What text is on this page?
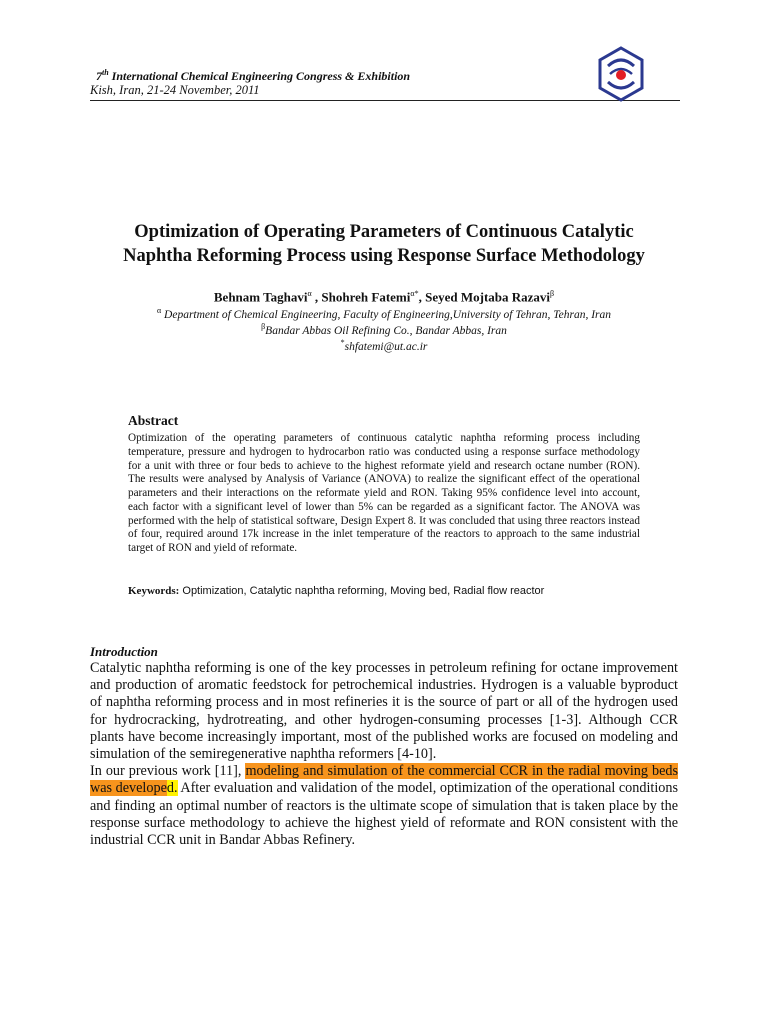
7th International Chemical Engineering Congress & Exhibition
Kish, Iran, 21-24 November, 2011
Optimization of Operating Parameters of Continuous Catalytic
Naphtha Reforming Process using Response Surface Methodology
Behnam Taghavi$^\alpha$ , Shohreh Fatemi$^{\alpha*}$, Seyed Mojtaba Razavi$^\beta$
$^\alpha$ Department of Chemical Engineering, Faculty of Engineering,University of Tehran, Tehran, Iran
$^\beta$Bandar Abbas Oil Refining Co., Bandar Abbas, Iran
*shfatemi@ut.ac.ir
Abstract
Optimization of the operating parameters of continuous catalytic naphtha reforming process including temperature, pressure and hydrogen to hydrocarbon ratio was conducted using a response surface methodology for a unit with three or four beds to achieve to the highest reformate yield and research octane number (RON). The results were analysed by Analysis of Variance (ANOVA) to realize the significant effect of the operational parameters and their interactions on the reformate yield and RON. Taking 95% confidence level into account, each factor with a significant level of lower than 5% can be regarded as a significant factor. The ANOVA was performed with the help of statistical software, Design Expert 8. It was concluded that using three reactors instead of four, required around 17k increase in the inlet temperature of the reactors to approach to the same industrial target of RON and yield of reformate.
Keywords: Optimization, Catalytic naphtha reforming, Moving bed, Radial flow reactor
Introduction

Catalytic naphtha reforming is one of the key processes in petroleum refining for octane improvement and production of aromatic feedstock for petrochemical industries. Hydrogen is a valuable byproduct of naphtha reforming process and in most refineries it is the source of part or all of the hydrogen used for hydrocracking, hydrotreating, and other hydrogen-consuming processes [1-3]. Although CCR plants have become increasingly important, most of the published works are focused on modeling and simulation of the semiregenerative naphtha reformers [4-10].

In our previous work [11], modeling and simulation of the commercial CCR in the radial moving beds was developed. After evaluation and validation of the model, optimization of the operational conditions and finding an optimal number of reactors is the ultimate scope of simulation that is taken place by the response surface methodology to achieve the highest yield of reformate and RON consistent with the industrial CCR unit in Bandar Abbas Refinery.
